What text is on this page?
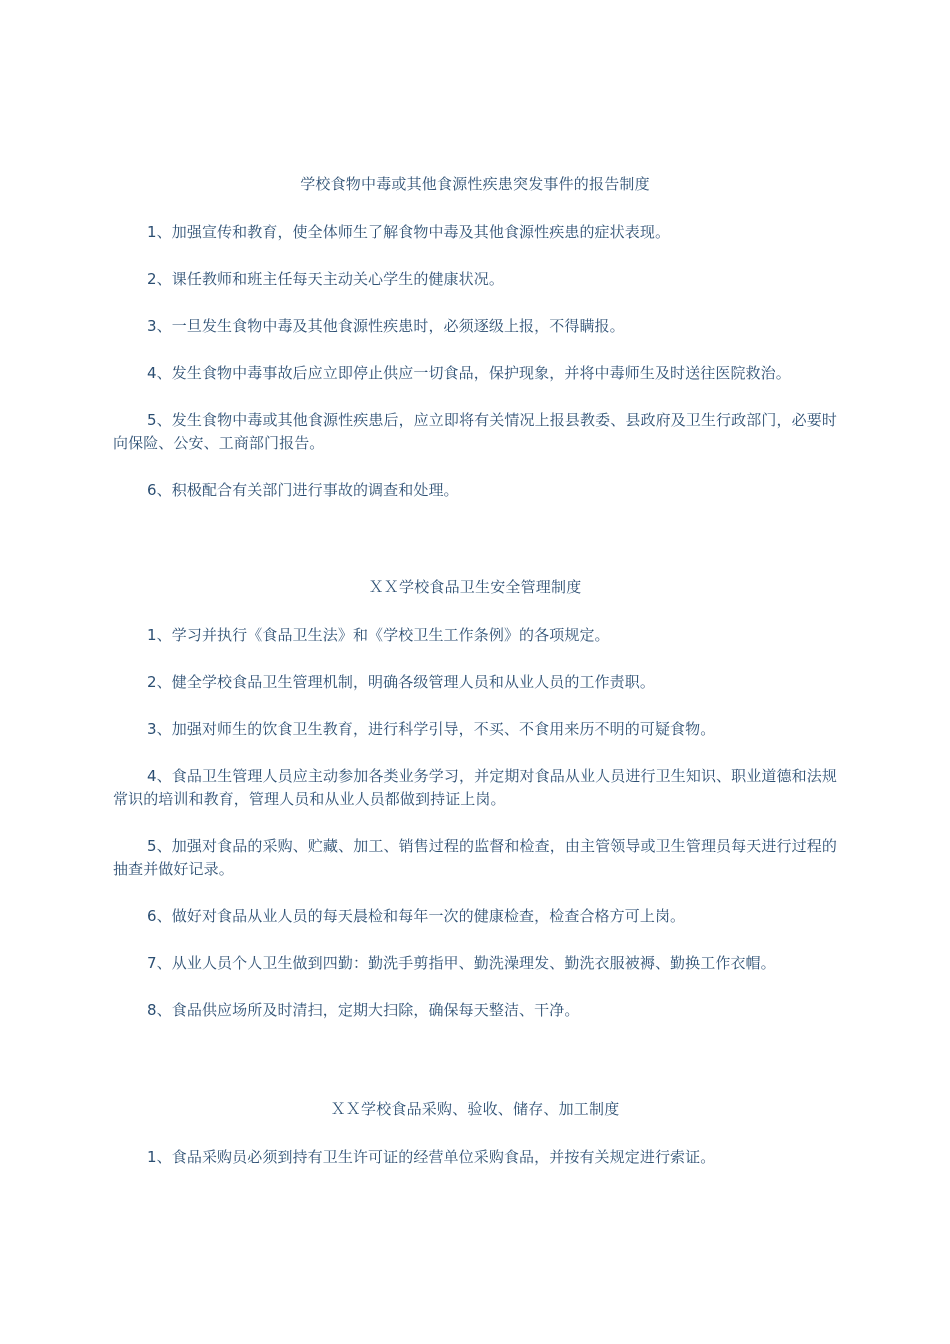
学校食物中毒或其他食源性疾患突发事件的报告制度

1、加强宣传和教育，使全体师生了解食物中毒及其他食源性疾患的症状表现。

2、课任教师和班主任每天主动关心学生的健康状况。

3、一旦发生食物中毒及其他食源性疾患时，必须逐级上报，不得瞒报。

4、发生食物中毒事故后应立即停止供应一切食品，保护现象，并将中毒师生及时送往医院救治。

5、发生食物中毒或其他食源性疾患后，应立即将有关情况上报县教委、县政府及卫生行政部门，必要时向保险、公安、工商部门报告。

6、积极配合有关部门进行事故的调查和处理。

ＸＸ学校食品卫生安全管理制度

1、学习并执行《食品卫生法》和《学校卫生工作条例》的各项规定。

2、健全学校食品卫生管理机制，明确各级管理人员和从业人员的工作责职。

3、加强对师生的饮食卫生教育，进行科学引导，不买、不食用来历不明的可疑食物。

4、食品卫生管理人员应主动参加各类业务学习，并定期对食品从业人员进行卫生知识、职业道德和法规常识的培训和教育，管理人员和从业人员都做到持证上岗。

5、加强对食品的采购、贮藏、加工、销售过程的监督和检查，由主管领导或卫生管理员每天进行过程的抽查并做好记录。

6、做好对食品从业人员的每天晨检和每年一次的健康检查，检查合格方可上岗。

7、从业人员个人卫生做到四勤：勤洗手剪指甲、勤洗澡理发、勤洗衣服被褥、勤换工作衣帽。

8、食品供应场所及时清扫，定期大扫除，确保每天整洁、干净。

ＸＸ学校食品采购、验收、储存、加工制度

1、食品采购员必须到持有卫生许可证的经营单位采购食品，并按有关规定进行索证。
